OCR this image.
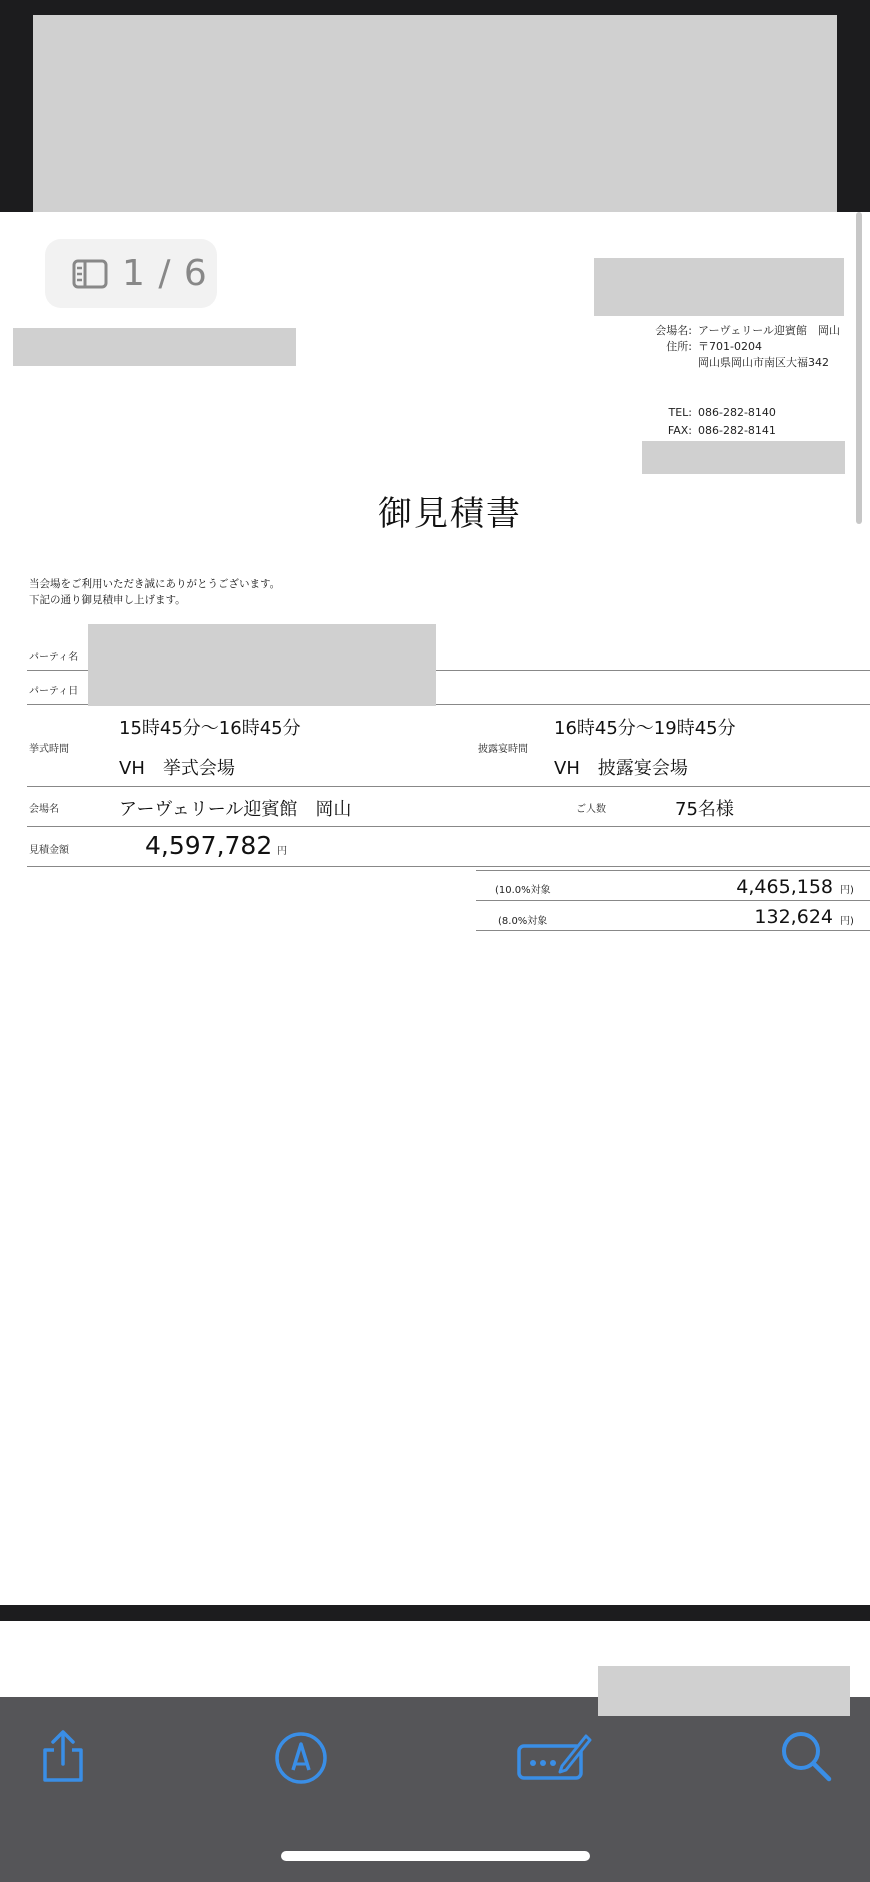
1 / 6
会場名: アーヴェリール迎賓館　岡山
住所: 〒701-0204
岡山県岡山市南区大福342
TEL: 086-282-8140
FAX: 086-282-8141
御見積書
当会場をご利用いただき誠にありがとうございます。
下記の通り御見積申し上げます。
パーティ名
パーティ日
挙式時間
15時45分〜16時45分
VH　挙式会場
披露宴時間
16時45分〜19時45分
VH　披露宴会場
会場名	アーヴェリール迎賓館　岡山	ご人数	75名様
見積金額	4,597,782 円
(10.0%対象	4,465,158 円)
(8.0%対象	132,624 円)
